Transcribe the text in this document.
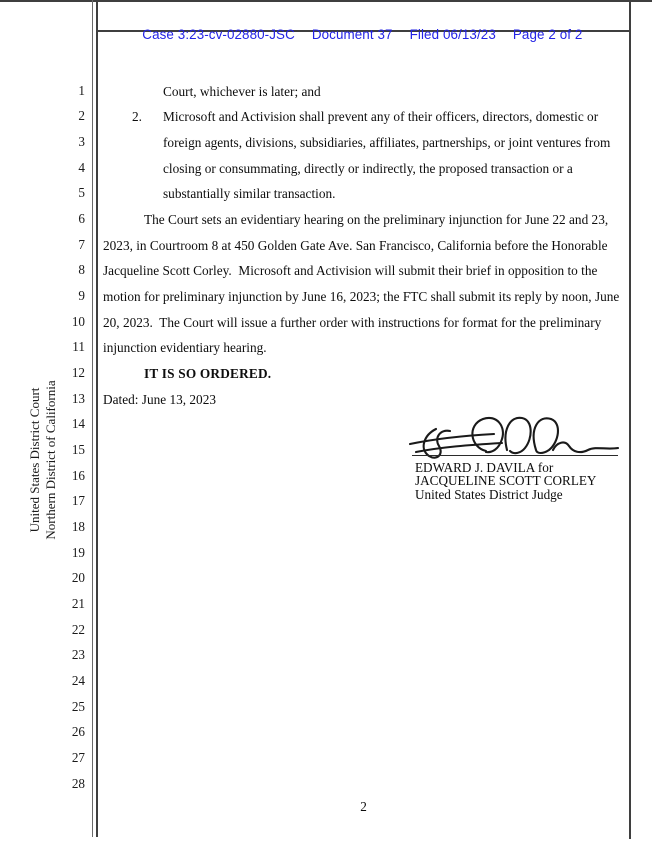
Case 3:23-cv-02880-JSC Document 37 Filed 06/13/23 Page 2 of 2

United States District Court Northern District of California
1
2
3
4
5
6
7
8
9
10
11
12
13
14
15
16
17
18
19
20
21
22
23
24
25
26
27
28
Court, whichever is later; and
2. Microsoft and Activision shall prevent any of their officers, directors, domestic or
foreign agents, divisions, subsidiaries, affiliates, partnerships, or joint ventures from
closing or consummating, directly or indirectly, the proposed transaction or a
substantially similar transaction.
The Court sets an evidentiary hearing on the preliminary injunction for June 22 and 23,
2023, in Courtroom 8 at 450 Golden Gate Ave. San Francisco, California before the Honorable
Jacqueline Scott Corley.  Microsoft and Activision will submit their brief in opposition to the
motion for preliminary injunction by June 16, 2023; the FTC shall submit its reply by noon, June
20, 2023.  The Court will issue a further order with instructions for format for the preliminary
injunction evidentiary hearing.
IT IS SO ORDERED.
Dated: June 13, 2023
EDWARD J. DAVILA for
JACQUELINE SCOTT CORLEY
United States District Judge
2
